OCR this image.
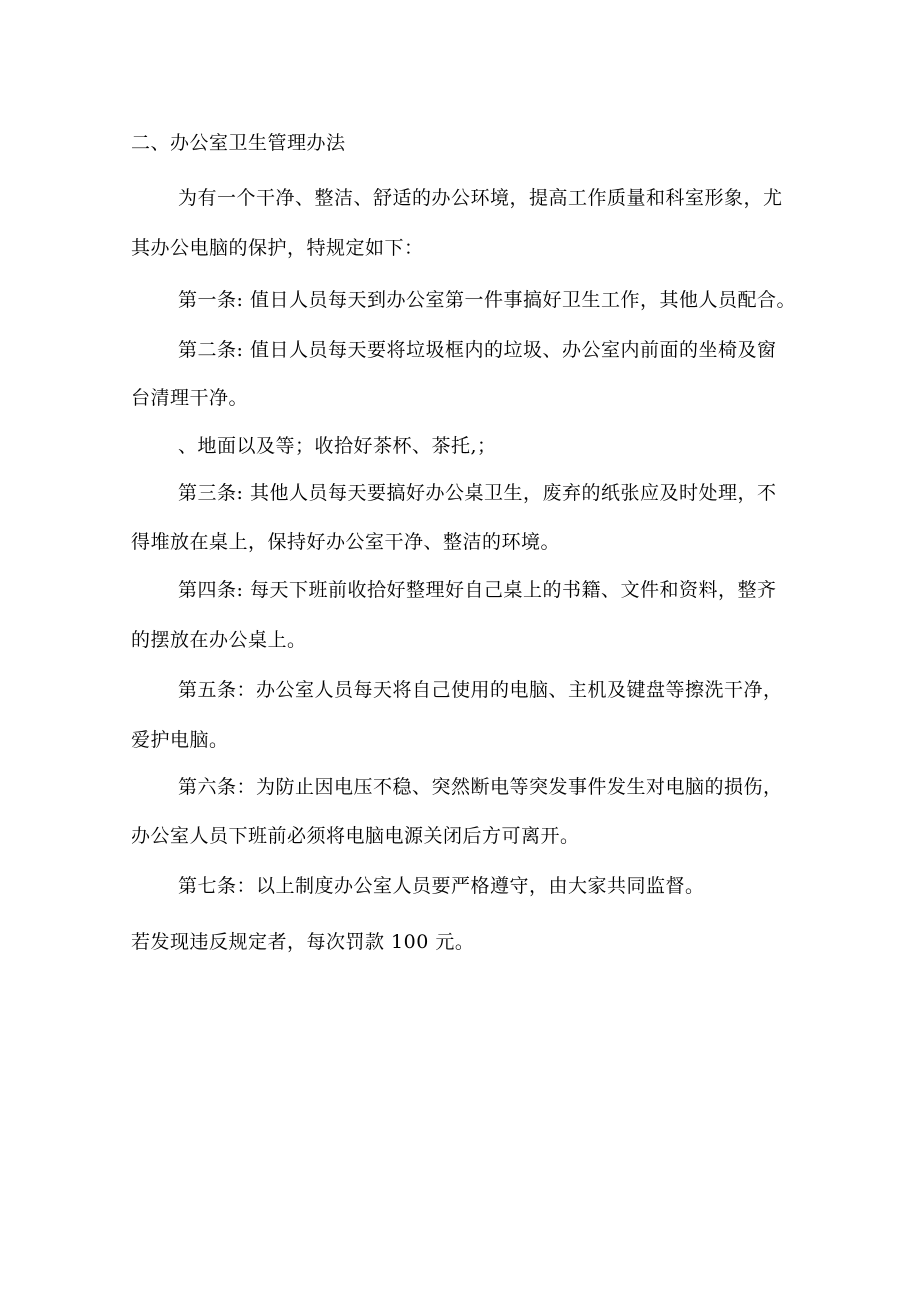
二、办公室卫生管理办法
为有一个干净、整洁、舒适的办公环境，提高工作质量和科室形象，尤
其办公电脑的保护，特规定如下：
第一条: 值日人员每天到办公室第一件事搞好卫生工作，其他人员配合。
第二条: 值日人员每天要将垃圾框内的垃圾、办公室内前面的坐椅及窗
台清理干净。
、地面以及等；收拾好茶杯、茶托,；
第三条: 其他人员每天要搞好办公桌卫生，废弃的纸张应及时处理，不
得堆放在桌上，保持好办公室干净、整洁的环境。
第四条: 每天下班前收拾好整理好自己桌上的书籍、文件和资料，整齐
的摆放在办公桌上。
第五条：办公室人员每天将自己使用的电脑、主机及键盘等擦洗干净，
爱护电脑。
第六条：为防止因电压不稳、突然断电等突发事件发生对电脑的损伤，
办公室人员下班前必须将电脑电源关闭后方可离开。
第七条：以上制度办公室人员要严格遵守，由大家共同监督。
若发现违反规定者，每次罚款 100 元。
